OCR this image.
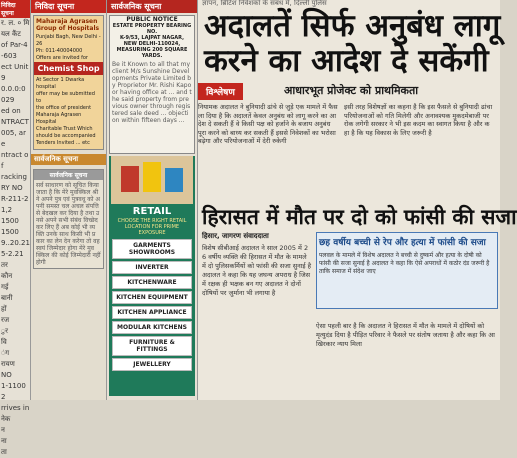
निविदा सूचना
र. ल. ० मि
यल कैंट
of Par-4-603
ect Unit 9
0.0.0:0029
ed on
NTRACT
005, are
ntract of
racking
RY NO
R-211-2
1,2
1500
1500
9..20.21
5-2.21
तर
कौन
गई
बानी
हों
रज
ुर
वि
ंग
रायण
NO
1-11002
rrives in
नेक
न
ना
ता
निविदा सूचना
Maharaja Agrasen Group of Hospitals
Punjabi Bagh, New Delhi - 26
Ph: 011-40004000
Offers are invited for
Chemist Shop
At Sector 1 Dwarka hospital
offer may be submitted to
the office of president
Maharaja Agrasen Hospital
Charitable Trust Which
should be accompanied
Tenders Invited ... etc
सार्वजनिक सूचना
सार्वजनिक सूचना
सर्व साधारण को सूचित किया जाता है कि मेरे मुवक्किल श्री ने अपने पुत्र एवं पुत्रवधू को अपनी समस्त चल अचल संपत्ति से बेदखल कर दिया है तथा उनसे अपने सभी संबंध विच्छेद कर लिए हैं अब कोई भी व्यक्ति उनके साथ किसी भी प्रकार का लेन देन करेगा तो वह स्वयं जिम्मेदार होगा मेरे मुवक्किल की कोई जिम्मेदारी नहीं होगी
सार्वजनिक सूचना
PUBLIC NOTICE
ESTATE PROPERTY BEARING NO.
K-9/53, LAJPAT NAGAR,
NEW DELHI-110024,
MEASURING 200 SQUARE YARDS.
Be it Known to all that my client M/s Sunshine Developments Private Limited by Proprietor Mr. Rishi Kapoor having office at ... and the said property from previous owner through registered sale deed ... objection within fifteen days ...
RETAIL
CHOOSE THE RIGHT RETAIL LOCATION FOR PRIME EXPOSURE
GARMENTS SHOWROOMS
INVERTER
KITCHENWARE
KITCHEN EQUIPMENT
KITCHEN APPLIANCE
MODULAR KITCHENS
FURNITURE & FITTINGS
JEWELLERY
ज्ञापन, ब्रिटिश निवेशकों के संबंध में, दिल्ली पुलिस
अदालतें सिर्फ अनुबंध लागू
करने का आदेश दे सकेंगी
विश्लेषण	आधारभूत प्रोजेक्ट को प्राथमिकता
नियामक अदालत ने बुनियादी ढांचे से जुड़े एक मामले में फैसला दिया है कि अदालतें केवल अनुबंध को लागू करने का आदेश दे सकती हैं वे किसी पक्ष को हर्जाने के बजाय अनुबंध पूरा करने को बाध्य कर सकती हैं इससे निवेशकों का भरोसा बढ़ेगा और परियोजनाओं में देरी रुकेगी
इसी तरह विशेषज्ञों का कहना है कि इस फैसले से बुनियादी ढांचा परियोजनाओं को गति मिलेगी और अनावश्यक मुकदमेबाजी पर रोक लगेगी सरकार ने भी इस कदम का स्वागत किया है और कहा है कि यह विकास के लिए जरूरी है
हिरासत में मौत पर दो को फांसी की सजा
हिसार, जागरण संवाददाता
विशेष सीबीआई अदालत ने साल 2005 में 26 वर्षीय व्यक्ति की हिरासत में मौत के मामले में दो पुलिसकर्मियों को फांसी की सजा सुनाई है अदालत ने कहा कि यह जघन्य अपराध है जिसमें रक्षक ही भक्षक बन गए अदालत ने दोनों दोषियों पर जुर्माना भी लगाया है
छह वर्षीय बच्ची से रेप और हत्या में फांसी की सजा
पलवल के मामले में विशेष अदालत ने बच्ची से दुष्कर्म और हत्या के दोषी को फांसी की सजा सुनाई है अदालत ने कहा कि ऐसे अपराधों में कठोर दंड जरूरी है ताकि समाज में संदेश जाए
ऐसा पहली बार है कि अदालत ने हिरासत में मौत के मामले में दोषियों को मृत्युदंड दिया है पीड़ित परिवार ने फैसले पर संतोष जताया है और कहा कि आखिरकार न्याय मिला
